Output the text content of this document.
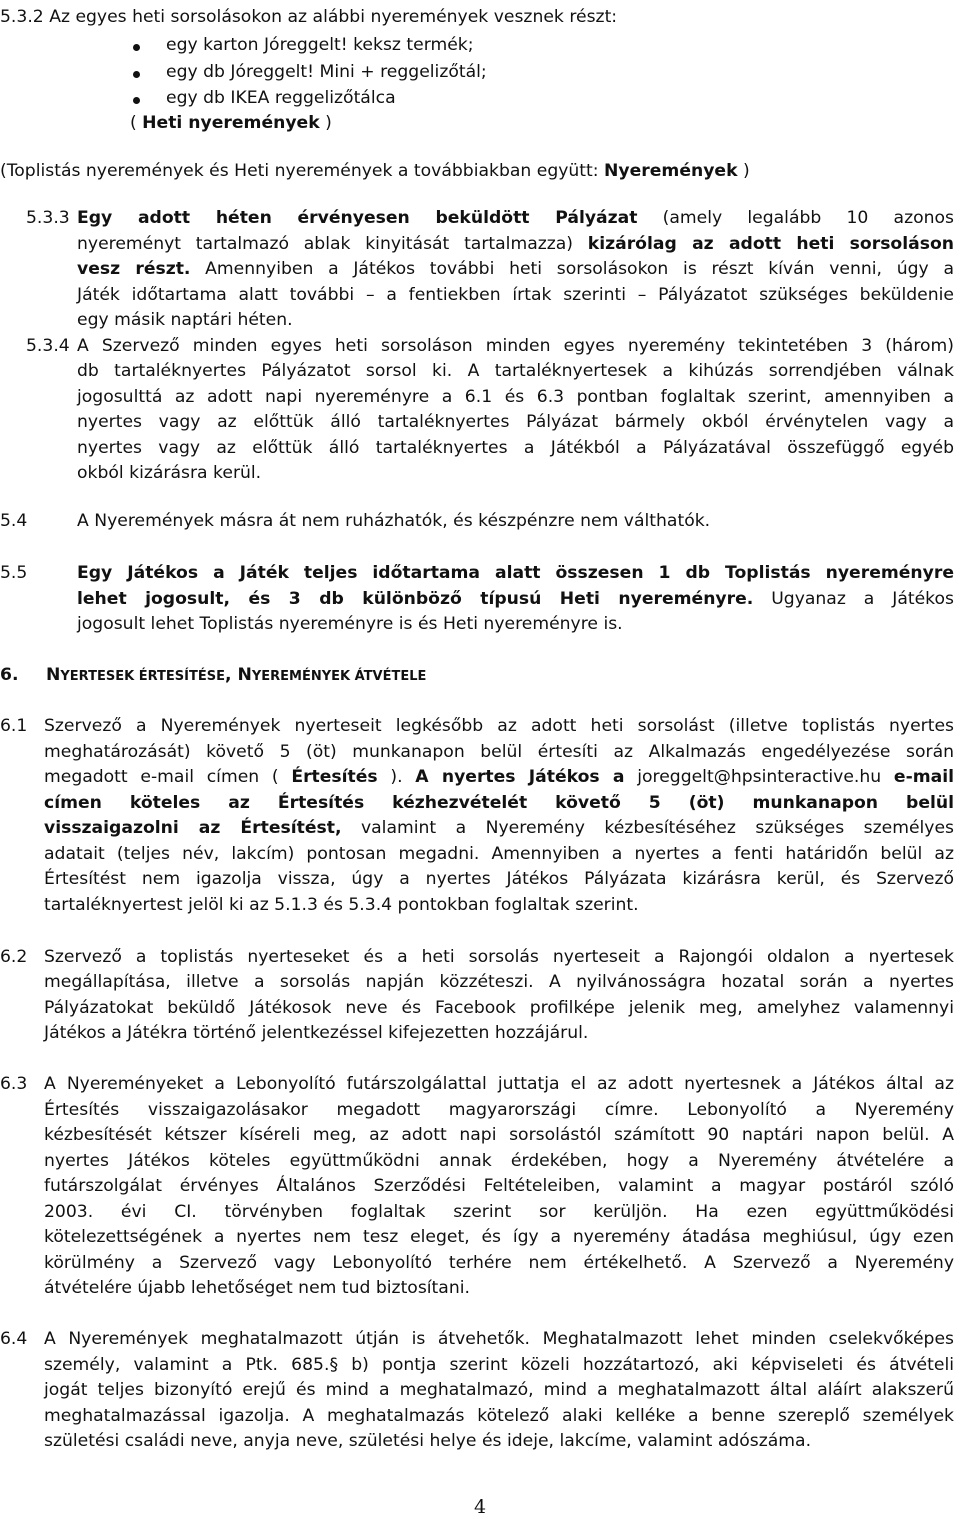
5.3.2 Az egyes heti sorsolásokon az alábbi nyeremények vesznek részt:
egy karton Jóreggelt! keksz termék;
egy db Jóreggelt! Mini + reggelizőtál;
egy db IKEA reggelizőtálca
( Heti nyeremények )
(Toplistás nyeremények és Heti nyeremények a továbbiakban együtt: Nyeremények )
5.3.3 Egy adott héten érvényesen beküldött Pályázat (amely legalább 10 azonos
nyereményt tartalmazó ablak kinyitását tartalmazza) kizárólag az adott heti sorsoláson
vesz részt. Amennyiben a Játékos további heti sorsolásokon is részt kíván venni, úgy a
Játék időtartama alatt további – a fentiekben írtak szerinti – Pályázatot szükséges beküldenie
egy másik naptári héten.
5.3.4 A Szervező minden egyes heti sorsoláson minden egyes nyeremény tekintetében 3 (három)
db tartaléknyertes Pályázatot sorsol ki. A tartaléknyertesek a kihúzás sorrendjében válnak
jogosulttá az adott napi nyereményre a 6.1 és 6.3 pontban foglaltak szerint, amennyiben a
nyertes vagy az előttük álló tartaléknyertes Pályázat bármely okból érvénytelen vagy a
nyertes vagy az előttük álló tartaléknyertes a Játékból a Pályázatával összefüggő egyéb
okból kizárásra kerül.
5.4	A Nyeremények másra át nem ruházhatók, és készpénzre nem válthatók.
5.5	Egy Játékos a Játék teljes időtartama alatt összesen 1 db Toplistás nyereményre
lehet jogosult, és 3 db különböző típusú Heti nyereményre. Ugyanaz a Játékos
jogosult lehet Toplistás nyereményre is és Heti nyereményre is.
6. NYERTESEK ÉRTESÍTÉSE, NYEREMÉNYEK ÁTVÉTELE
6.1 Szervező a Nyeremények nyerteseit legkésőbb az adott heti sorsolást (illetve toplistás nyertes
meghatározását) követő 5 (öt) munkanapon belül értesíti az Alkalmazás engedélyezése során
megadott e-mail címen ( Értesítés ). A nyertes Játékos a joreggelt@hpsinteractive.hu e-mail
címen köteles az Értesítés kézhezvételét követő 5 (öt) munkanapon belül
visszaigazolni az Értesítést, valamint a Nyeremény kézbesítéséhez szükséges személyes
adatait (teljes név, lakcím) pontosan megadni. Amennyiben a nyertes a fenti határidőn belül az
Értesítést nem igazolja vissza, úgy a nyertes Játékos Pályázata kizárásra kerül, és Szervező
tartaléknyertest jelöl ki az 5.1.3 és 5.3.4 pontokban foglaltak szerint.
6.2 Szervező a toplistás nyerteseket és a heti sorsolás nyerteseit a Rajongói oldalon a nyertesek
megállapítása, illetve a sorsolás napján közzéteszi. A nyilvánosságra hozatal során a nyertes
Pályázatokat beküldő Játékosok neve és Facebook profilképe jelenik meg, amelyhez valamennyi
Játékos a Játékra történő jelentkezéssel kifejezetten hozzájárul.
6.3 A Nyereményeket a Lebonyolító futárszolgálattal juttatja el az adott nyertesnek a Játékos által az
Értesítés visszaigazolásakor megadott magyarországi címre. Lebonyolító a Nyeremény
kézbesítését kétszer kíséreli meg, az adott napi sorsolástól számított 90 naptári napon belül. A
nyertes Játékos köteles együttműködni annak érdekében, hogy a Nyeremény átvételére a
futárszolgálat érvényes Általános Szerződési Feltételeiben, valamint a magyar postáról szóló
2003. évi CI. törvényben foglaltak szerint sor kerüljön. Ha ezen együttműködési
kötelezettségének a nyertes nem tesz eleget, és így a nyeremény átadása meghiúsul, úgy ezen
körülmény a Szervező vagy Lebonyolító terhére nem értékelhető. A Szervező a Nyeremény
átvételére újabb lehetőséget nem tud biztosítani.
6.4 A Nyeremények meghatalmazott útján is átvehetők. Meghatalmazott lehet minden cselekvőképes
személy, valamint a Ptk. 685.§ b) pontja szerint közeli hozzátartozó, aki képviseleti és átvételi
jogát teljes bizonyító erejű és mind a meghatalmazó, mind a meghatalmazott által aláírt alakszerű
meghatalmazással igazolja. A meghatalmazás kötelező alaki kelléke a benne szereplő személyek
születési családi neve, anyja neve, születési helye és ideje, lakcíme, valamint adószáma.
4
